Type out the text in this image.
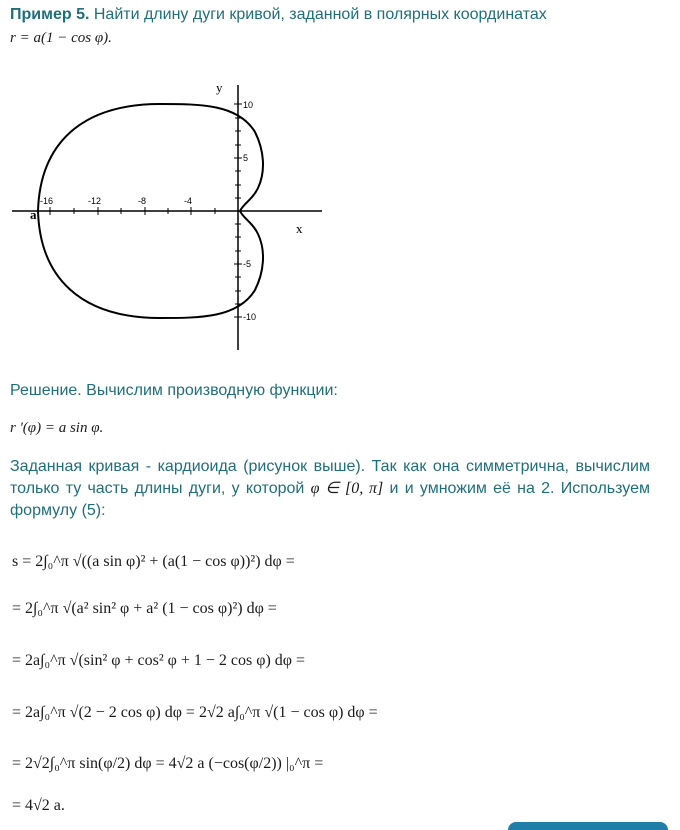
Пример 5. Найти длину дуги кривой, заданной в полярных координатах
r = a(1 − cos φ).
y
x
a
-16	-12	-8	-4
10
5
-5
-10
Решение. Вычислим производную функции:
r '(φ) = a sin φ.
Заданная кривая - кардиоида (рисунок выше). Так как она симметрична, вычислим только ту часть длины дуги, у которой φ ∈ [0, π] и и умножим её на 2. Используем формулу (5):
s = 2∫₀^π √((a sin φ)² + (a(1 − cos φ))²) dφ =
= 2∫₀^π √(a² sin² φ + a² (1 − cos φ)²) dφ =
= 2a∫₀^π √(sin² φ + cos² φ + 1 − 2 cos φ) dφ =
= 2a∫₀^π √(2 − 2 cos φ) dφ = 2√2 a∫₀^π √(1 − cos φ) dφ =
= 2√2∫₀^π sin(φ/2) dφ = 4√2 a (−cos(φ/2)) |₀^π =
= 4√2 a.
